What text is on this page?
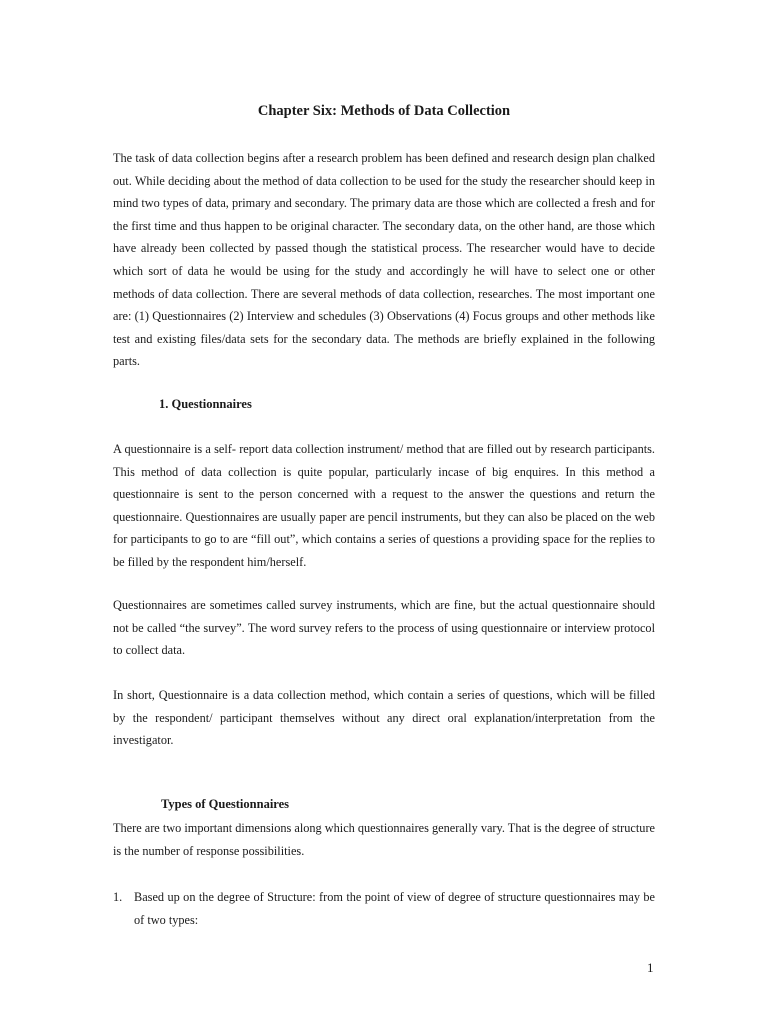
Chapter Six: Methods of Data Collection

The task of data collection begins after a research problem has been defined and research design plan chalked out. While deciding about the method of data collection to be used for the study the researcher should keep in mind two types of data, primary and secondary. The primary data are those which are collected a fresh and for the first time and thus happen to be original character. The secondary data, on the other hand, are those which have already been collected by passed though the statistical process. The researcher would have to decide which sort of data he would be using for the study and accordingly he will have to select one or other methods of data collection. There are several methods of data collection, researches. The most important one are: (1) Questionnaires (2) Interview and schedules (3) Observations (4) Focus groups and other methods like test and existing files/data sets for the secondary data. The methods are briefly explained in the following parts.

1. Questionnaires

A questionnaire is a self- report data collection instrument/ method that are filled out by research participants. This method of data collection is quite popular, particularly incase of big enquires. In this method a questionnaire is sent to the person concerned with a request to the answer the questions and return the questionnaire. Questionnaires are usually paper are pencil instruments, but they can also be placed on the web for participants to go to are “fill out”, which contains a series of questions a providing space for the replies to be filled by the respondent him/herself.

Questionnaires are sometimes called survey instruments, which are fine, but the actual questionnaire should not be called “the survey”. The word survey refers to the process of using questionnaire or interview protocol to collect data.

In short, Questionnaire is a data collection method, which contain a series of questions, which will be filled by the respondent/ participant themselves without any direct oral explanation/interpretation from the investigator.

Types of Questionnaires

There are two important dimensions along which questionnaires generally vary. That is the degree of structure is the number of response possibilities.

1. Based up on the degree of Structure: from the point of view of degree of structure questionnaires may be of two types:
1
